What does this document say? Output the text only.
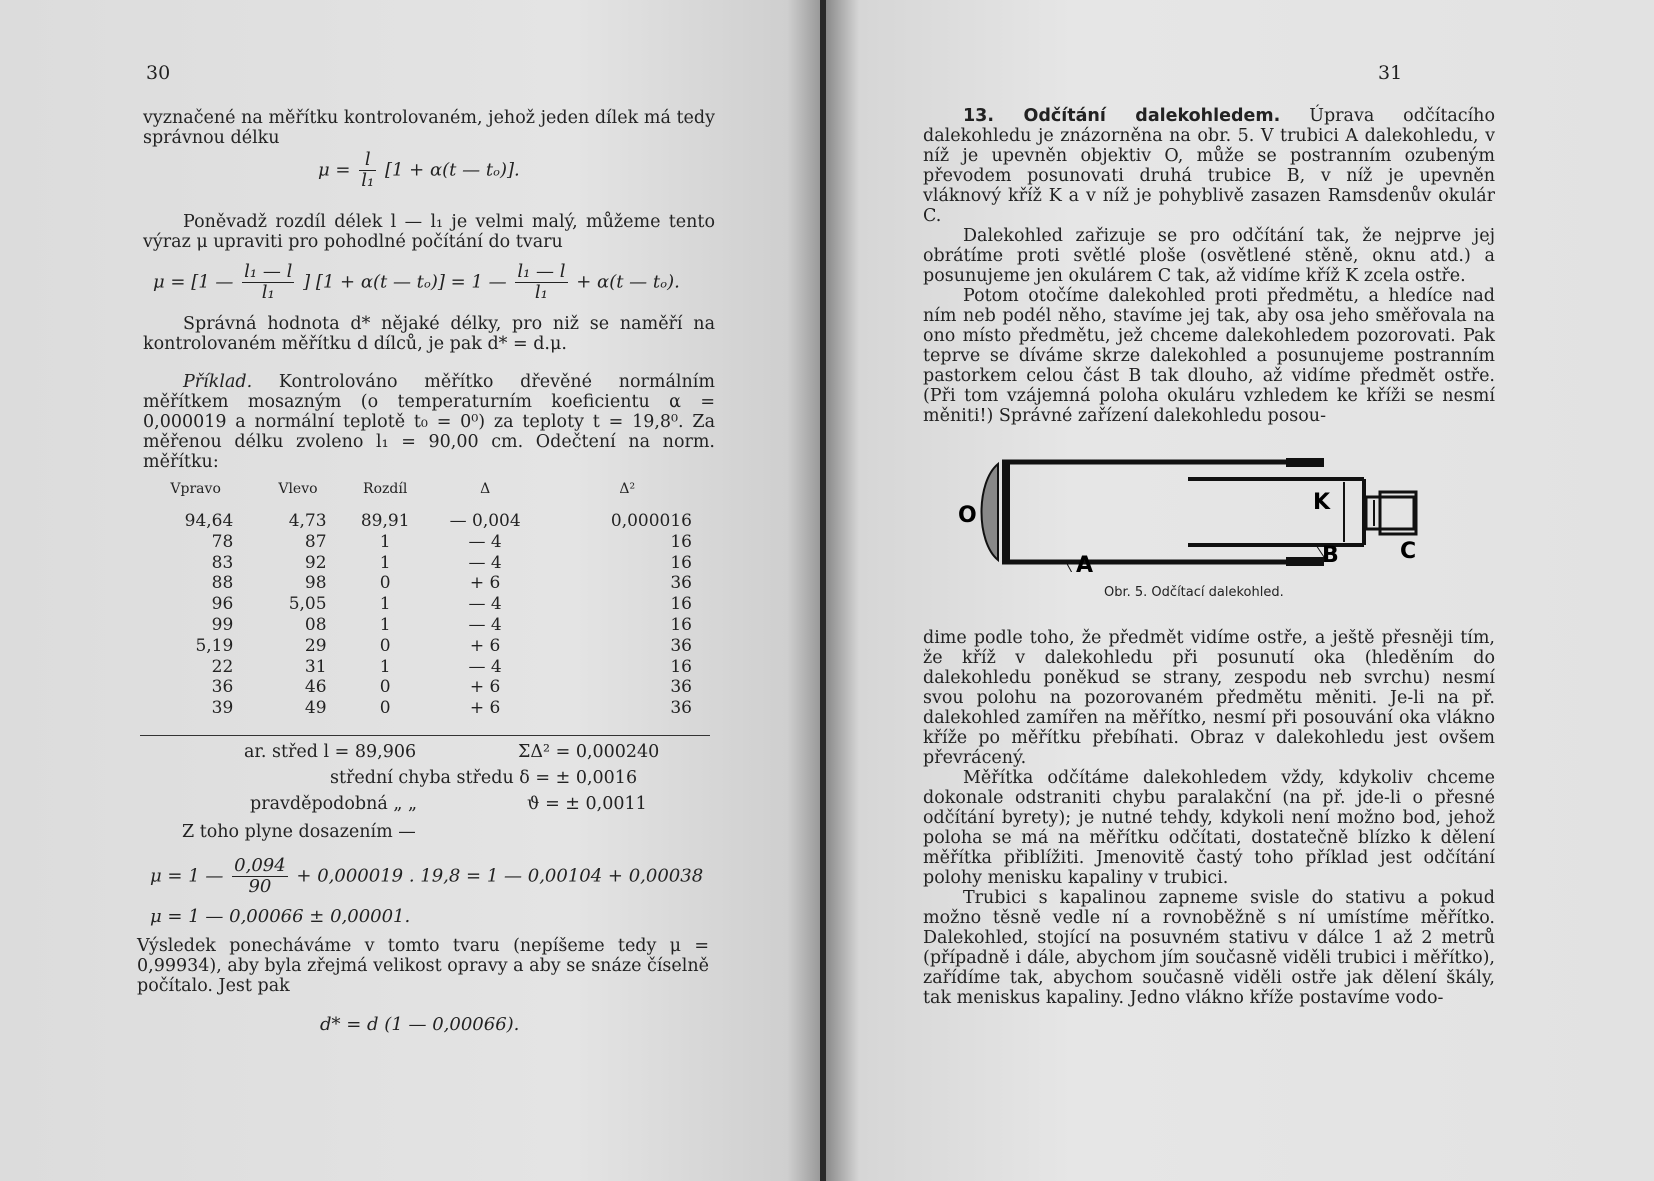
30

vyznačené na měřítku kontrolovaném, jehož jeden dílek má tedy správnou délku

$\mu = \frac{l}{\text{l₁}} [1 + \alpha(t$ — tₒ)].

Poněvadž rozdíl délek l — l₁ je velmi malý, můžeme tento výraz μ upraviti pro pohodlné počítání do tvaru

μ = [1 — $\frac{\text{l₁ — l}}{\text{l₁}}$ ] [1 + α(t — tₒ)] = 1 — $\frac{\text{l₁ — l}}{\text{l₁}} + \alpha(t$ — tₒ).

Správná hodnota d* nějaké délky, pro niž se naměří na kontrolovaném měřítku d dílců, je pak d* = d.μ.

Příklad. Kontrolováno měřítko dřevěné normálním měřítkem mosazným (o temperaturním koeficientu α = 0,000019 a normální teplotě t₀ = 0⁰) za teploty t = 19,8⁰. Za měřenou délku zvoleno l₁ = 90,00 cm. Odečtení na norm. měřítku:

Vpravo	Vlevo	Rozdíl	Δ	Δ²
94,64	4,73	89,91	— 0,004	0,000016
78	87	1	— 4	16
83	92	1	— 4	16
88	98	0	+ 6	36
96	5,05	1	— 4	16
99	08	1	— 4	16
5,19	29	0	+ 6	36
22	31	1	— 4	16
36	46	0	+ 6	36
39	49	0	+ 6	36
ar. střed l = 89,906	ΣΔ² = 0,000240
střední chyba středu δ = ± 0,0016
pravděpodobná „ „	ϑ = ± 0,0011
Z toho plyne dosazením —
μ = 1 — $\frac{0,094}{90} + 0,000019$ . 19,8 = 1 — 0,00104 + 0,00038
μ = 1 — 0,00066 ± 0,00001.

Výsledek ponecháváme v tomto tvaru (nepíšeme tedy μ = 0,99934), aby byla zřejmá velikost opravy a aby se snáze číselně počítalo. Jest pak

d* = d (1 — 0,00066).
31

13. Odčítání dalekohledem. Úprava odčítacího dalekohledu je znázorněna na obr. 5. V trubici A dalekohledu, v níž je upevněn objektiv O, může se postranním ozubeným převodem posunovati druhá trubice B, v níž je upevněn vláknový kříž K a v níž je pohyblivě zasazen Ramsdenův okulár C.

Dalekohled zařizuje se pro odčítání tak, že nejprve jej obrátíme proti světlé ploše (osvětlené stěně, oknu atd.) a posunujeme jen okulárem C tak, až vidíme kříž K zcela ostře.

Potom otočíme dalekohled proti předmětu, a hledíce nad ním neb podél něho, stavíme jej tak, aby osa jeho směřovala na ono místo předmětu, jež chceme dalekohledem pozorovati. Pak teprve se díváme skrze dalekohled a posunujeme postranním pastorkem celou část B tak dlouho, až vidíme předmět ostře. (Při tom vzájemná poloha okuláru vzhledem ke kříži se nesmí měniti!) Správné zařízení dalekohledu posou-

O
A
K
B	C
Obr. 5. Odčítací dalekohled.

dime podle toho, že předmět vidíme ostře, a ještě přesněji tím, že kříž v dalekohledu při posunutí oka (hleděním do dalekohledu poněkud se strany, zespodu neb svrchu) nesmí svou polohu na pozorovaném předmětu měniti. Je-li na př. dalekohled zamířen na měřítko, nesmí při posouvání oka vlákno kříže po měřítku přebíhati. Obraz v dalekohledu jest ovšem převrácený.

Měřítka odčítáme dalekohledem vždy, kdykoliv chceme dokonale odstraniti chybu paralakční (na př. jde-li o přesné odčítání byrety); je nutné tehdy, kdykoli není možno bod, jehož poloha se má na měřítku odčítati, dostatečně blízko k dělení měřítka přiblížiti. Jmenovitě častý toho příklad jest odčítání polohy menisku kapaliny v trubici.

Trubici s kapalinou zapneme svisle do stativu a pokud možno těsně vedle ní a rovnoběžně s ní umístíme měřítko. Dalekohled, stojící na posuvném stativu v dálce 1 až 2 metrů (případně i dále, abychom jím současně viděli trubici i měřítko), zařídíme tak, abychom současně viděli ostře jak dělení škály, tak meniskus kapaliny. Jedno vlákno kříže postavíme vodo-
